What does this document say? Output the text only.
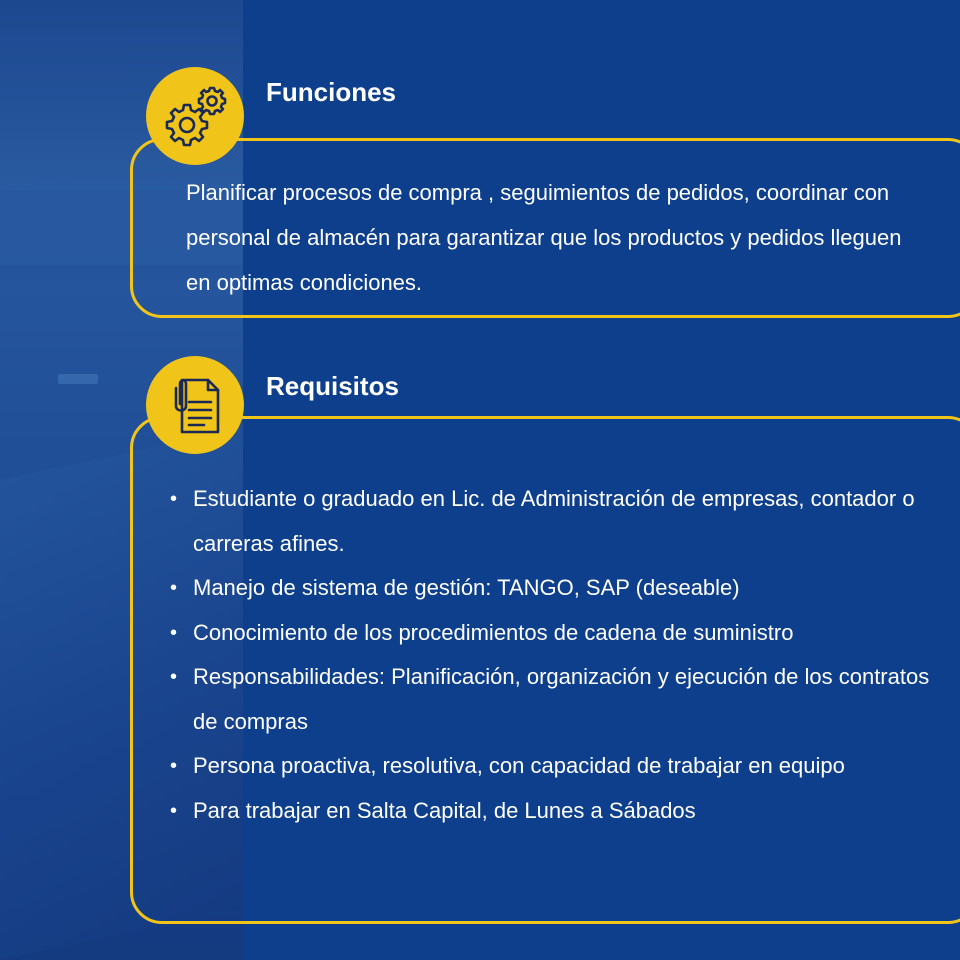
Funciones

Planificar procesos de compra , seguimientos de pedidos, coordinar con personal de almacén para garantizar que los productos y pedidos lleguen en optimas condiciones.

Requisitos
• Estudiante o graduado en Lic. de Administración de empresas, contador o carreras afines.
• Manejo de sistema de gestión: TANGO, SAP (deseable)
• Conocimiento de los procedimientos de cadena de suministro
• Responsabilidades: Planificación, organización y ejecución de los contratos de compras
• Persona proactiva, resolutiva, con capacidad de trabajar en equipo
• Para trabajar en Salta Capital, de Lunes a Sábados
